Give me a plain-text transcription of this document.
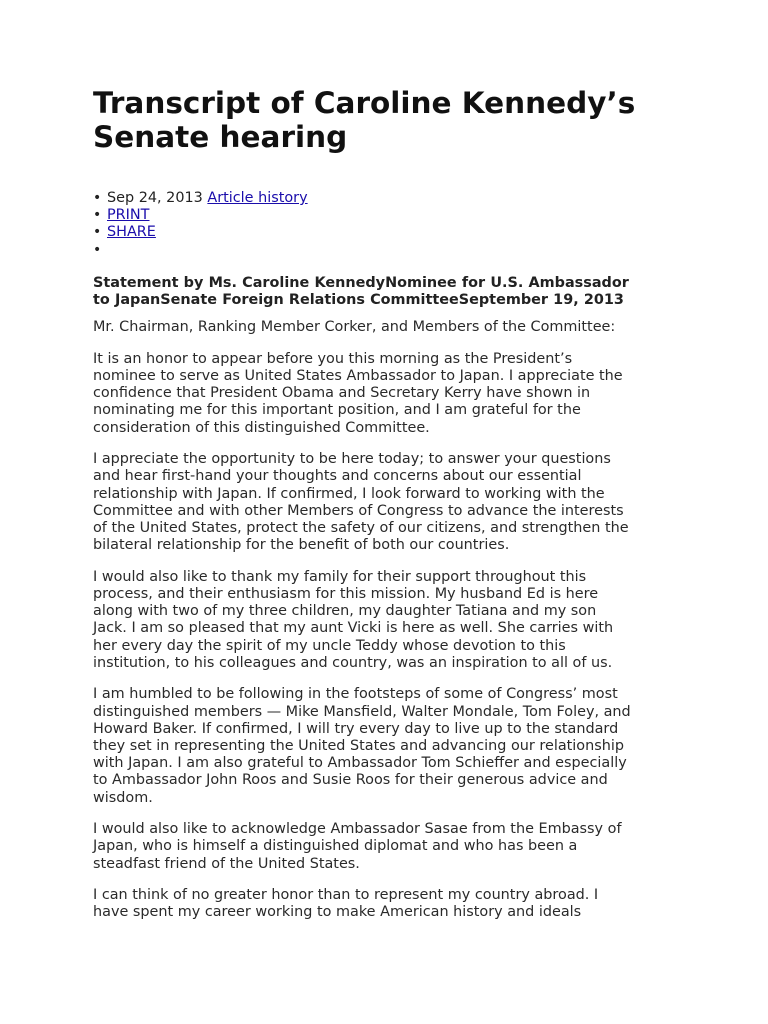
Transcript of Caroline Kennedy’s
Senate hearing
• Sep 24, 2013 Article history
• PRINT
• SHARE
•
Statement by Ms. Caroline KennedyNominee for U.S. Ambassador
to JapanSenate Foreign Relations CommitteeSeptember 19, 2013

Mr. Chairman, Ranking Member Corker, and Members of the Committee:

It is an honor to appear before you this morning as the President’s
nominee to serve as United States Ambassador to Japan. I appreciate the
confidence that President Obama and Secretary Kerry have shown in
nominating me for this important position, and I am grateful for the
consideration of this distinguished Committee.

I appreciate the opportunity to be here today; to answer your questions
and hear first-hand your thoughts and concerns about our essential
relationship with Japan. If confirmed, I look forward to working with the
Committee and with other Members of Congress to advance the interests
of the United States, protect the safety of our citizens, and strengthen the
bilateral relationship for the benefit of both our countries.

I would also like to thank my family for their support throughout this
process, and their enthusiasm for this mission. My husband Ed is here
along with two of my three children, my daughter Tatiana and my son
Jack. I am so pleased that my aunt Vicki is here as well. She carries with
her every day the spirit of my uncle Teddy whose devotion to this
institution, to his colleagues and country, was an inspiration to all of us.

I am humbled to be following in the footsteps of some of Congress’ most
distinguished members — Mike Mansfield, Walter Mondale, Tom Foley, and
Howard Baker. If confirmed, I will try every day to live up to the standard
they set in representing the United States and advancing our relationship
with Japan. I am also grateful to Ambassador Tom Schieffer and especially
to Ambassador John Roos and Susie Roos for their generous advice and
wisdom.

I would also like to acknowledge Ambassador Sasae from the Embassy of
Japan, who is himself a distinguished diplomat and who has been a
steadfast friend of the United States.

I can think of no greater honor than to represent my country abroad. I
have spent my career working to make American history and ideals
